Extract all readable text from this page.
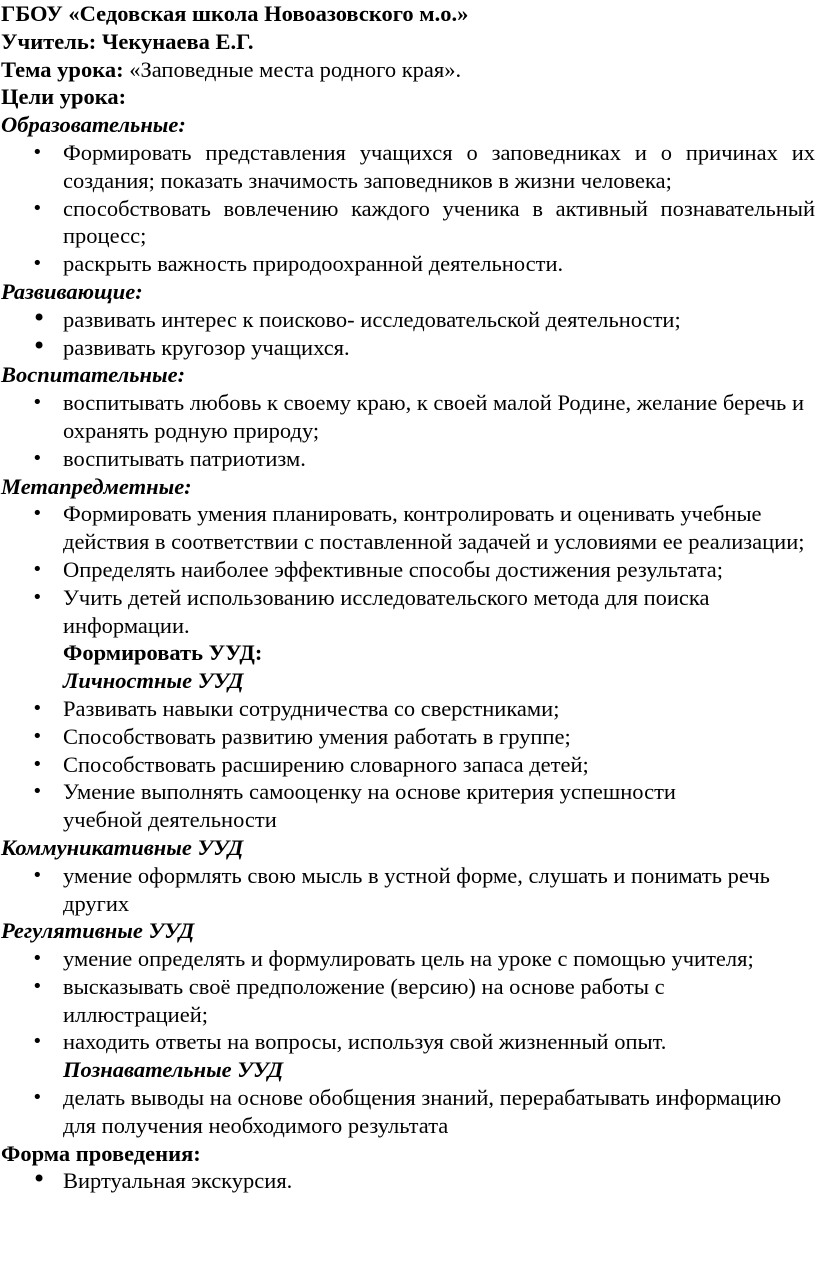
ГБОУ «Седовская школа Новоазовского м.о.»

Учитель: Чекунаева Е.Г.

Тема урока: «Заповедные места родного края».

Цели урока:

Образовательные:

• Формировать представления учащихся о заповедниках и о причинах их создания; показать значимость заповедников в жизни человека;
• способствовать вовлечению каждого ученика в активный познавательный процесс;
• раскрыть важность природоохранной деятельности.

Развивающие:

• развивать интерес к поисково- исследовательской деятельности;
• развивать кругозор учащихся.

Воспитательные:

• воспитывать любовь к своему краю, к своей малой Родине, желание беречь и охранять родную природу;
• воспитывать патриотизм.

Метапредметные:

• Формировать умения планировать, контролировать и оценивать учебные действия в соответствии с поставленной задачей и условиями ее реализации;
• Определять наиболее эффективные способы достижения результата;
• Учить детей использованию исследовательского метода для поиска информации.

Формировать УУД:

Личностные УУД

• Развивать навыки сотрудничества со сверстниками;
• Способствовать развитию умения работать в группе;
• Способствовать расширению словарного запаса детей;
• Умение выполнять самооценку на основе критерия успешности
учебной деятельности

Коммуникативные УУД

• умение оформлять свою мысль в устной форме, слушать и понимать речь других

Регулятивные УУД

• умение определять и формулировать цель на уроке с помощью учителя;
• высказывать своё предположение (версию) на основе работы с иллюстрацией;
• находить ответы на вопросы, используя свой жизненный опыт.

Познавательные УУД

• делать выводы на основе обобщения знаний, перерабатывать информацию для получения необходимого результата

Форма проведения:

• Виртуальная экскурсия.
